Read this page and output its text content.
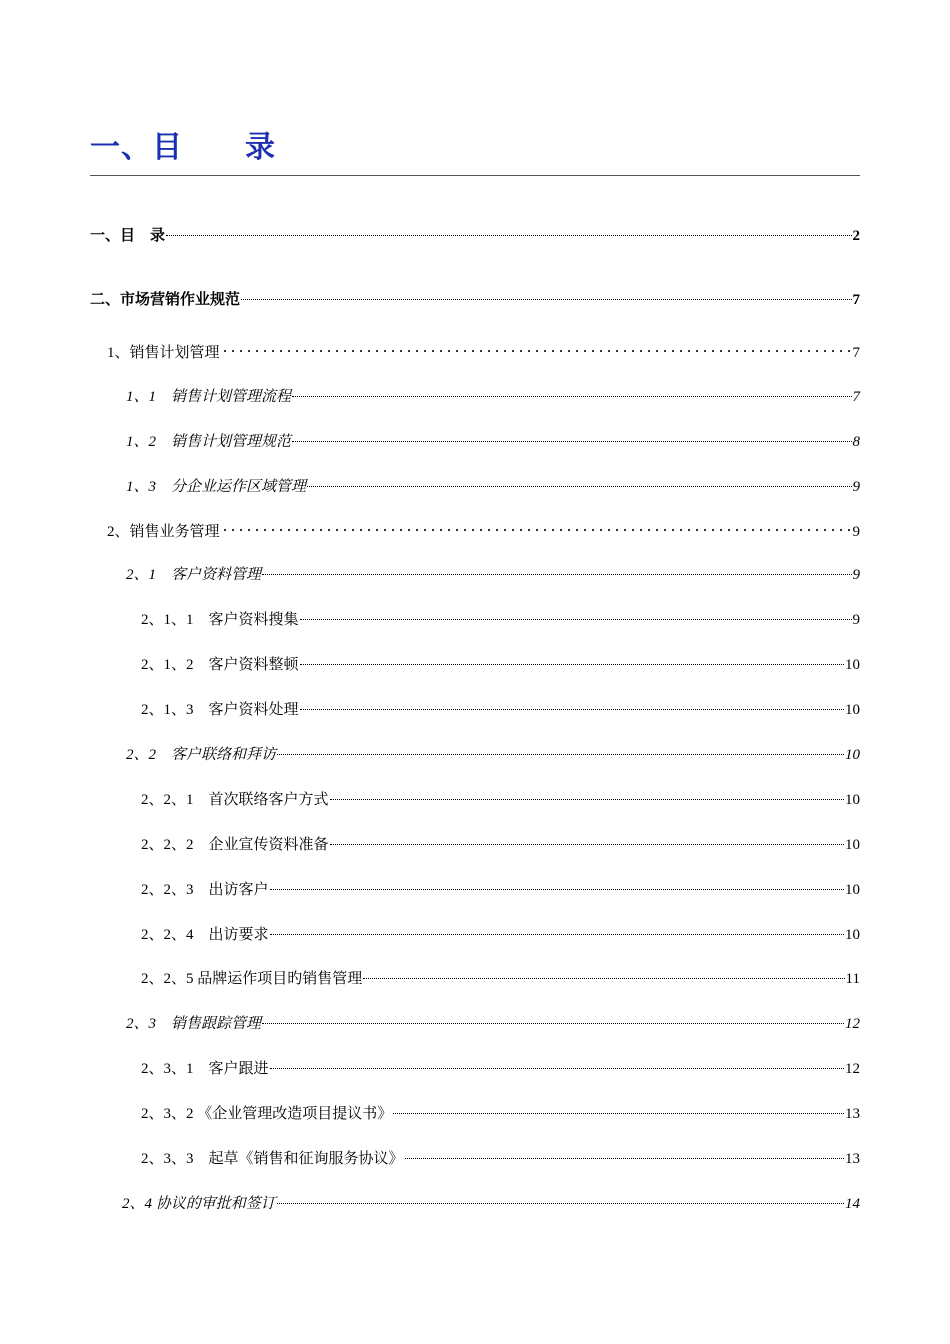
一、目　　录
一、目　录	2
二、市场营销作业规范	7
1、销售计划管理	7
1、1　销售计划管理流程	7
1、2　销售计划管理规范	8
1、3　分企业运作区域管理	9
2、销售业务管理	9
2、1　客户资料管理	9
2、1、1　客户资料搜集	9
2、1、2　客户资料整顿	10
2、1、3　客户资料处理	10
2、2　客户联络和拜访	10
2、2、1　首次联络客户方式	10
2、2、2　企业宣传资料准备	10
2、2、3　出访客户	10
2、2、4　出访要求	10
2、2、5 品牌运作项目旳销售管理	11
2、3　销售跟踪管理	12
2、3、1　客户跟进	12
2、3、2 《企业管理改造项目提议书》	13
2、3、3　起草《销售和征询服务协议》	13
2、4 协议的审批和签订	14
